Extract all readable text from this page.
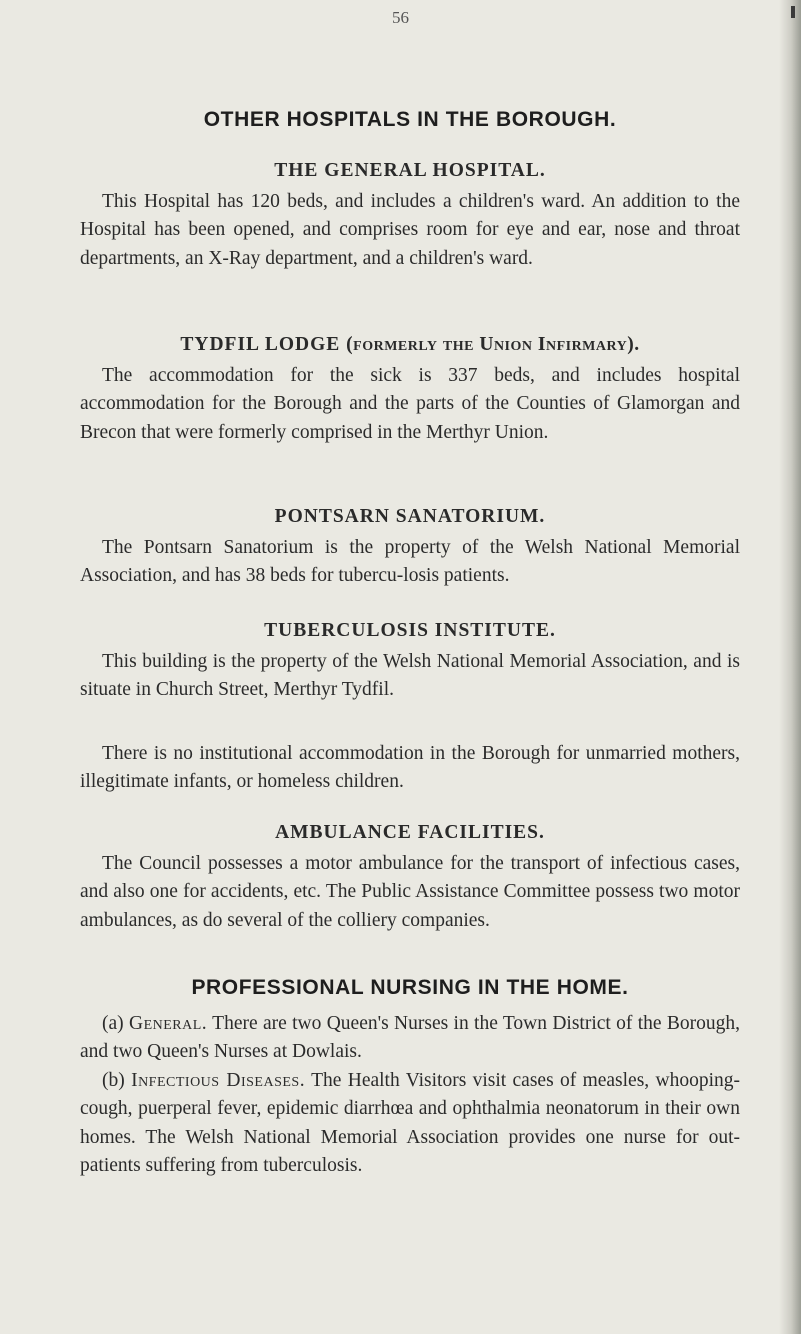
56
OTHER HOSPITALS IN THE BOROUGH.
THE GENERAL HOSPITAL.

This Hospital has 120 beds, and includes a children's ward. An addition to the Hospital has been opened, and comprises room for eye and ear, nose and throat departments, an X-Ray department, and a children's ward.

TYDFIL LODGE (formerly the Union Infirmary).

The accommodation for the sick is 337 beds, and includes hospital accommodation for the Borough and the parts of the Counties of Glamorgan and Brecon that were formerly comprised in the Merthyr Union.

PONTSARN SANATORIUM.

The Pontsarn Sanatorium is the property of the Welsh National Memorial Association, and has 38 beds for tubercu-losis patients.

TUBERCULOSIS INSTITUTE.

This building is the property of the Welsh National Memorial Association, and is situate in Church Street, Merthyr Tydfil.

There is no institutional accommodation in the Borough for unmarried mothers, illegitimate infants, or homeless children.

AMBULANCE FACILITIES.

The Council possesses a motor ambulance for the transport of infectious cases, and also one for accidents, etc. The Public Assistance Committee possess two motor ambulances, as do several of the colliery companies.

PROFESSIONAL NURSING IN THE HOME.

(a) General. There are two Queen's Nurses in the Town District of the Borough, and two Queen's Nurses at Dowlais.

(b) Infectious Diseases. The Health Visitors visit cases of measles, whooping-cough, puerperal fever, epidemic diarrhœa and ophthalmia neonatorum in their own homes. The Welsh National Memorial Association provides one nurse for out-patients suffering from tuberculosis.
